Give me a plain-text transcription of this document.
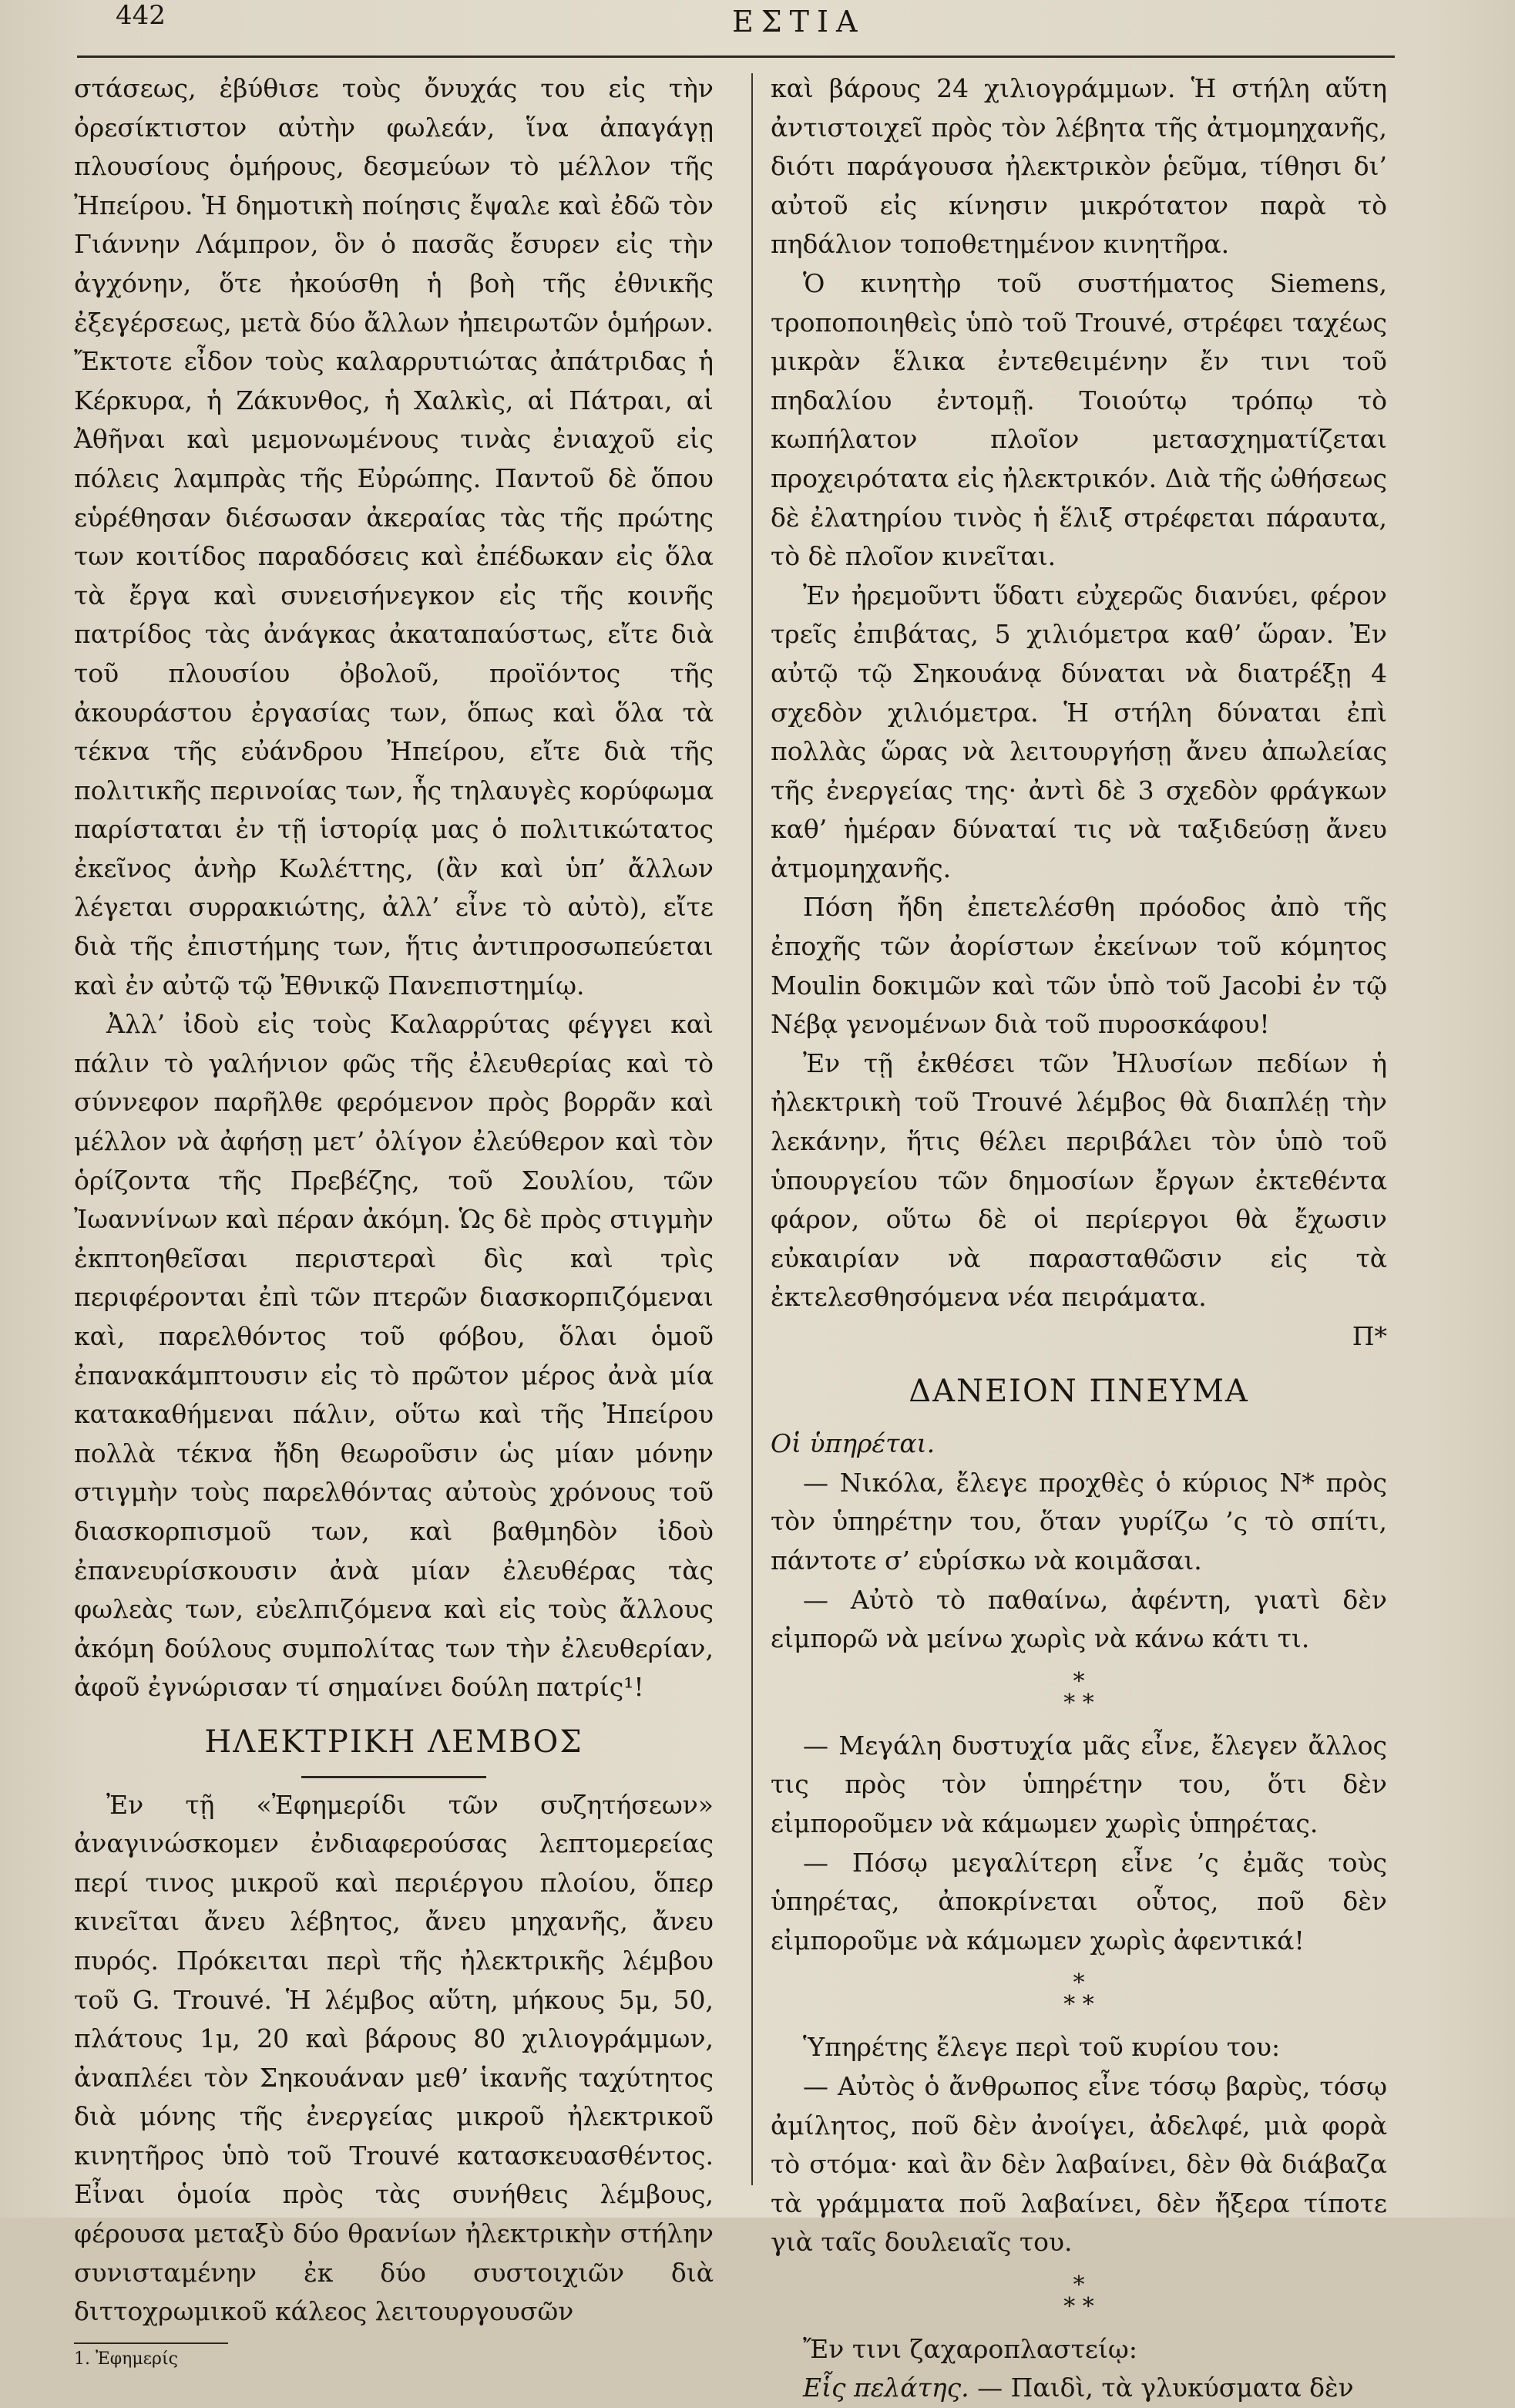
442	ΕΣΤΙΑ

στάσεως, ἐβύθισε τοὺς ὄνυχάς του εἰς τὴν ὀρεσίκτιστον αὐτὴν φωλεάν, ἵνα ἀπαγάγῃ πλουσίους ὁμήρους, δεσμεύων τὸ μέλλον τῆς Ἠπείρου. Ἡ δημοτικὴ ποίησις ἔψαλε καὶ ἐδῶ τὸν Γιάννην Λάμπρον, ὃν ὁ πασᾶς ἔσυρεν εἰς τὴν ἀγχόνην, ὅτε ἠκούσθη ἡ βοὴ τῆς ἐθνικῆς ἐξεγέρσεως, μετὰ δύο ἄλλων ἠπειρωτῶν ὁμήρων. Ἔκτοτε εἶδον τοὺς καλαρρυτιώτας ἀπάτριδας ἡ Κέρκυρα, ἡ Ζάκυνθος, ἡ Χαλκὶς, αἱ Πάτραι, αἱ Ἀθῆναι καὶ μεμονωμένους τινὰς ἐνιαχοῦ εἰς πόλεις λαμπρὰς τῆς Εὐρώπης. Παντοῦ δὲ ὅπου εὑρέθησαν διέσωσαν ἀκεραίας τὰς τῆς πρώτης των κοιτίδος παραδόσεις καὶ ἐπέδωκαν εἰς ὅλα τὰ ἔργα καὶ συνεισήνεγκον εἰς τῆς κοινῆς πατρίδος τὰς ἀνάγκας ἀκαταπαύστως, εἴτε διὰ τοῦ πλουσίου ὀβολοῦ, προϊόντος τῆς ἀκουράστου ἐργασίας των, ὅπως καὶ ὅλα τὰ τέκνα τῆς εὐάνδρου Ἠπείρου, εἴτε διὰ τῆς πολιτικῆς περινοίας των, ἧς τηλαυγὲς κορύφωμα παρίσταται ἐν τῇ ἱστορίᾳ μας ὁ πολιτικώτατος ἐκεῖνος ἀνὴρ Κωλέττης, (ἂν καὶ ὑπ’ ἄλλων λέγεται συρρακιώτης, ἀλλ’ εἶνε τὸ αὐτὸ), εἴτε διὰ τῆς ἐπιστήμης των, ἥτις ἀντιπροσωπεύεται καὶ ἐν αὐτῷ τῷ Ἐθνικῷ Πανεπιστημίῳ.

Ἀλλ’ ἰδοὺ εἰς τοὺς Καλαρρύτας φέγγει καὶ πάλιν τὸ γαλήνιον φῶς τῆς ἐλευθερίας καὶ τὸ σύννεφον παρῆλθε φερόμενον πρὸς βορρᾶν καὶ μέλλον νὰ ἀφήσῃ μετ’ ὀλίγον ἐλεύθερον καὶ τὸν ὁρίζοντα τῆς Πρεβέζης, τοῦ Σουλίου, τῶν Ἰωαννίνων καὶ πέραν ἀκόμη. Ὡς δὲ πρὸς στιγμὴν ἐκπτοηθεῖσαι περιστεραὶ δὶς καὶ τρὶς περιφέρονται ἐπὶ τῶν πτερῶν διασκορπιζόμεναι καὶ, παρελθόντος τοῦ φόβου, ὅλαι ὁμοῦ ἐπανακάμπτουσιν εἰς τὸ πρῶτον μέρος ἀνὰ μία κατακαθήμεναι πάλιν, οὕτω καὶ τῆς Ἠπείρου πολλὰ τέκνα ἤδη θεωροῦσιν ὡς μίαν μόνην στιγμὴν τοὺς παρελθόντας αὐτοὺς χρόνους τοῦ διασκορπισμοῦ των, καὶ βαθμηδὸν ἰδοὺ ἐπανευρίσκουσιν ἀνὰ μίαν ἐλευθέρας τὰς φωλεὰς των, εὐελπιζόμενα καὶ εἰς τοὺς ἄλλους ἀκόμη δούλους συμπολίτας των τὴν ἐλευθερίαν, ἀφοῦ ἐγνώρισαν τί σημαίνει δούλη πατρίς¹!

ΗΛΕΚΤΡΙΚΗ ΛΕΜΒΟΣ

Ἐν τῇ «Ἐφημερίδι τῶν συζητήσεων» ἀναγινώσκομεν ἐνδιαφερούσας λεπτομερείας περί τινος μικροῦ καὶ περιέργου πλοίου, ὅπερ κινεῖται ἄνευ λέβητος, ἄνευ μηχανῆς, ἄνευ πυρός. Πρόκειται περὶ τῆς ἠλεκτρικῆς λέμβου τοῦ G. Trouvé. Ἡ λέμβος αὕτη, μήκους 5μ, 50, πλάτους 1μ, 20 καὶ βάρους 80 χιλιογράμμων, ἀναπλέει τὸν Σηκουάναν μεθ’ ἱκανῆς ταχύτητος διὰ μόνης τῆς ἐνεργείας μικροῦ ἠλεκτρικοῦ κινητῆρος ὑπὸ τοῦ Trouvé κατασκευασθέντος. Εἶναι ὁμοία πρὸς τὰς συνήθεις λέμβους, φέρουσα μεταξὺ δύο θρανίων ἠλεκτρικὴν στήλην συνισταμένην ἐκ δύο συστοιχιῶν διὰ διττοχρωμικοῦ κάλεος λειτουργουσῶν

1. Ἐφημερίς

καὶ βάρους 24 χιλιογράμμων. Ἡ στήλη αὕτη ἀντιστοιχεῖ πρὸς τὸν λέβητα τῆς ἀτμομηχανῆς, διότι παράγουσα ἠλεκτρικὸν ῥεῦμα, τίθησι δι’ αὐτοῦ εἰς κίνησιν μικρότατον παρὰ τὸ πηδάλιον τοποθετημένον κινητῆρα.

Ὁ κινητὴρ τοῦ συστήματος Siemens, τροποποιηθεὶς ὑπὸ τοῦ Trouvé, στρέφει ταχέως μικρὰν ἕλικα ἐντεθειμένην ἔν τινι τοῦ πηδαλίου ἐντομῇ. Τοιούτῳ τρόπῳ τὸ κωπήλατον πλοῖον μετασχηματίζεται προχειρότατα εἰς ἠλεκτρικόν. Διὰ τῆς ὠθήσεως δὲ ἐλατηρίου τινὸς ἡ ἕλιξ στρέφεται πάραυτα, τὸ δὲ πλοῖον κινεῖται.

Ἐν ἠρεμοῦντι ὕδατι εὐχερῶς διανύει, φέρον τρεῖς ἐπιβάτας, 5 χιλιόμετρα καθ’ ὥραν. Ἐν αὐτῷ τῷ Σηκουάνᾳ δύναται νὰ διατρέξῃ 4 σχεδὸν χιλιόμετρα. Ἡ στήλη δύναται ἐπὶ πολλὰς ὥρας νὰ λειτουργήσῃ ἄνευ ἀπωλείας τῆς ἐνεργείας της· ἀντὶ δὲ 3 σχεδὸν φράγκων καθ’ ἡμέραν δύναταί τις νὰ ταξιδεύσῃ ἄνευ ἀτμομηχανῆς.

Πόση ἤδη ἐπετελέσθη πρόοδος ἀπὸ τῆς ἐποχῆς τῶν ἀορίστων ἐκείνων τοῦ κόμητος Moulin δοκιμῶν καὶ τῶν ὑπὸ τοῦ Jacobi ἐν τῷ Νέβᾳ γενομένων διὰ τοῦ πυροσκάφου!

Ἐν τῇ ἐκθέσει τῶν Ἠλυσίων πεδίων ἡ ἠλεκτρικὴ τοῦ Trouvé λέμβος θὰ διαπλέῃ τὴν λεκάνην, ἥτις θέλει περιβάλει τὸν ὑπὸ τοῦ ὑπουργείου τῶν δημοσίων ἔργων ἐκτεθέντα φάρον, οὕτω δὲ οἱ περίεργοι θὰ ἔχωσιν εὐκαιρίαν νὰ παρασταθῶσιν εἰς τὰ ἐκτελεσθησόμενα νέα πειράματα.

Π*
ΔΑΝΕΙΟΝ ΠΝΕΥΜΑ

Οἱ ὑπηρέται.

— Νικόλα, ἔλεγε προχθὲς ὁ κύριος Ν* πρὸς τὸν ὑπηρέτην του, ὅταν γυρίζω ’ς τὸ σπίτι, πάντοτε σ’ εὑρίσκω νὰ κοιμᾶσαι.

— Αὐτὸ τὸ παθαίνω, ἀφέντη, γιατὶ δὲν εἰμπορῶ νὰ μείνω χωρὶς νὰ κάνω κάτι τι.

*
* *

— Μεγάλη δυστυχία μᾶς εἶνε, ἔλεγεν ἄλλος τις πρὸς τὸν ὑπηρέτην του, ὅτι δὲν εἰμποροῦμεν νὰ κάμωμεν χωρὶς ὑπηρέτας.

— Πόσῳ μεγαλίτερη εἶνε ’ς ἐμᾶς τοὺς ὑπηρέτας, ἀποκρίνεται οὗτος, ποῦ δὲν εἰμποροῦμε νὰ κάμωμεν χωρὶς ἀφεντικά!

*
* *

Ὑπηρέτης ἔλεγε περὶ τοῦ κυρίου του:

— Αὐτὸς ὁ ἄνθρωπος εἶνε τόσῳ βαρὺς, τόσῳ ἀμίλητος, ποῦ δὲν ἀνοίγει, ἀδελφέ, μιὰ φορὰ τὸ στόμα· καὶ ἂν δὲν λαβαίνει, δὲν θὰ διάβαζα τὰ γράμματα ποῦ λαβαίνει, δὲν ἤξερα τίποτε γιὰ ταῖς δουλειαῖς του.

*
* *

Ἔν τινι ζαχαροπλαστείῳ:

Εἷς πελάτης. — Παιδὶ, τὰ γλυκύσματα δὲν
